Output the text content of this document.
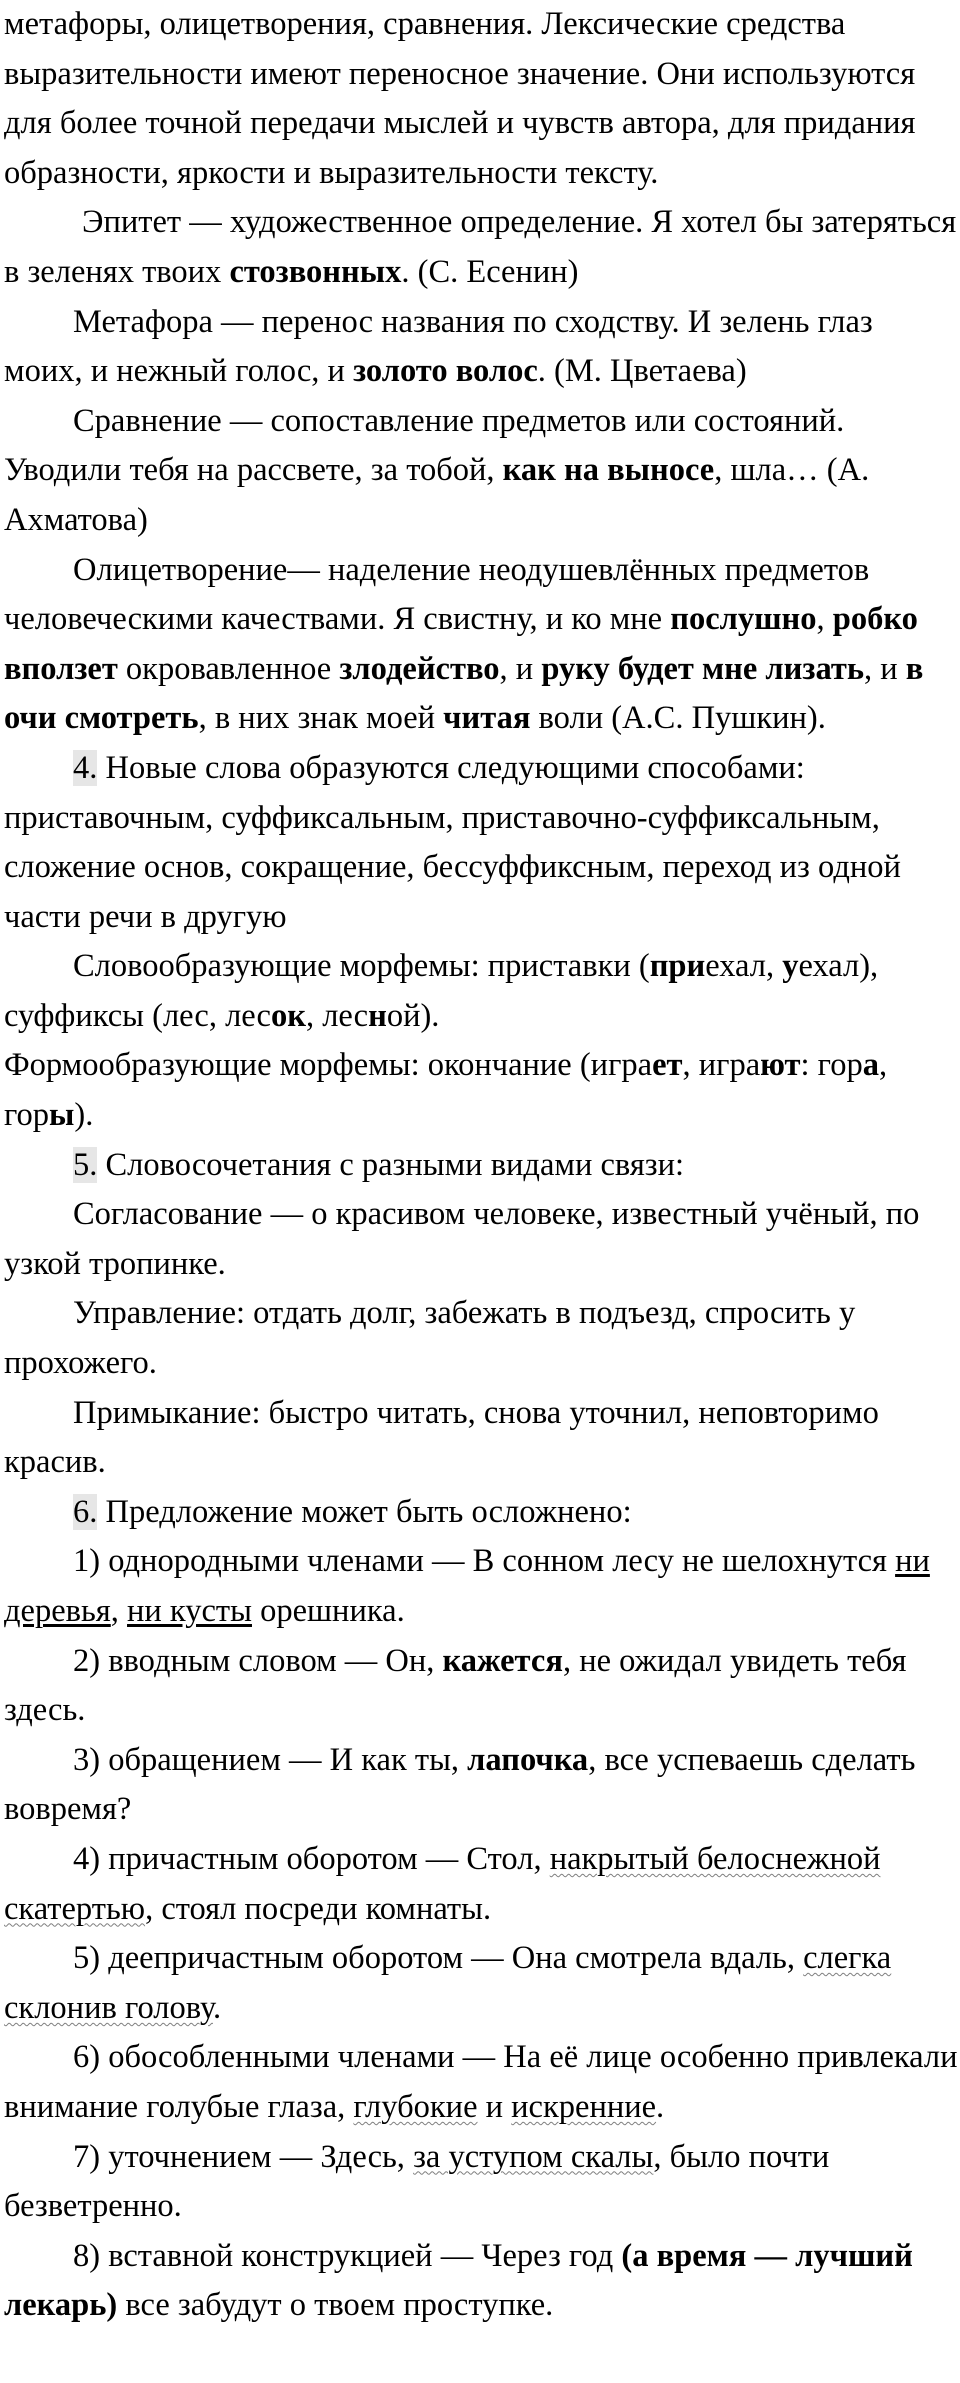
метафоры, олицетворения, сравнения. Лексические средства выразительности имеют переносное значение. Они используются для более точной передачи мыслей и чувств автора, для придания образности, яркости и выразительности тексту.

Эпитет — художественное определение. Я хотел бы затеряться в зеленях твоих стозвонных. (С. Есенин)

Метафора — перенос названия по сходству. И зелень глаз моих, и нежный голос, и золото волос. (М. Цветаева)

Сравнение — сопоставление предметов или состояний. Уводили тебя на рассвете, за тобой, как на выносе, шла… (А. Ахматова)

Олицетворение— наделение неодушевлённых предметов человеческими качествами. Я свистну, и ко мне послушно, робко вползет окровавленное злодейство, и руку будет мне лизать, и в очи смотреть, в них знак моей читая воли (А.С. Пушкин).

4. Новые слова образуются следующими способами: приставочным, суффиксальным, приставочно-суффиксальным, сложение основ, сокращение, бессуффиксным, переход из одной части речи в другую

Словообразующие морфемы: приставки (приехал, уехал), суффиксы (лес, лесок, лесной).

Формообразующие морфемы: окончание (играет, играют: гора, горы).

5. Словосочетания с разными видами связи:

Согласование — о красивом человеке, известный учёный, по узкой тропинке.

Управление: отдать долг, забежать в подъезд, спросить у прохожего.

Примыкание: быстро читать, снова уточнил, неповторимо красив.

6. Предложение может быть осложнено:

1) однородными членами — В сонном лесу не шелохнутся ни деревья, ни кусты орешника.

2) вводным словом — Он, кажется, не ожидал увидеть тебя здесь.

3) обращением — И как ты, лапочка, все успеваешь сделать вовремя?

4) причастным оборотом — Стол, накрытый белоснежной скатертью, стоял посреди комнаты.

5) деепричастным оборотом — Она смотрела вдаль, слегка склонив голову.

6) обособленными членами — На её лице особенно привлекали внимание голубые глаза, глубокие и искренние.

7) уточнением — Здесь, за уступом скалы, было почти безветренно.

8) вставной конструкцией — Через год (а время — лучший лекарь) все забудут о твоем проступке.
